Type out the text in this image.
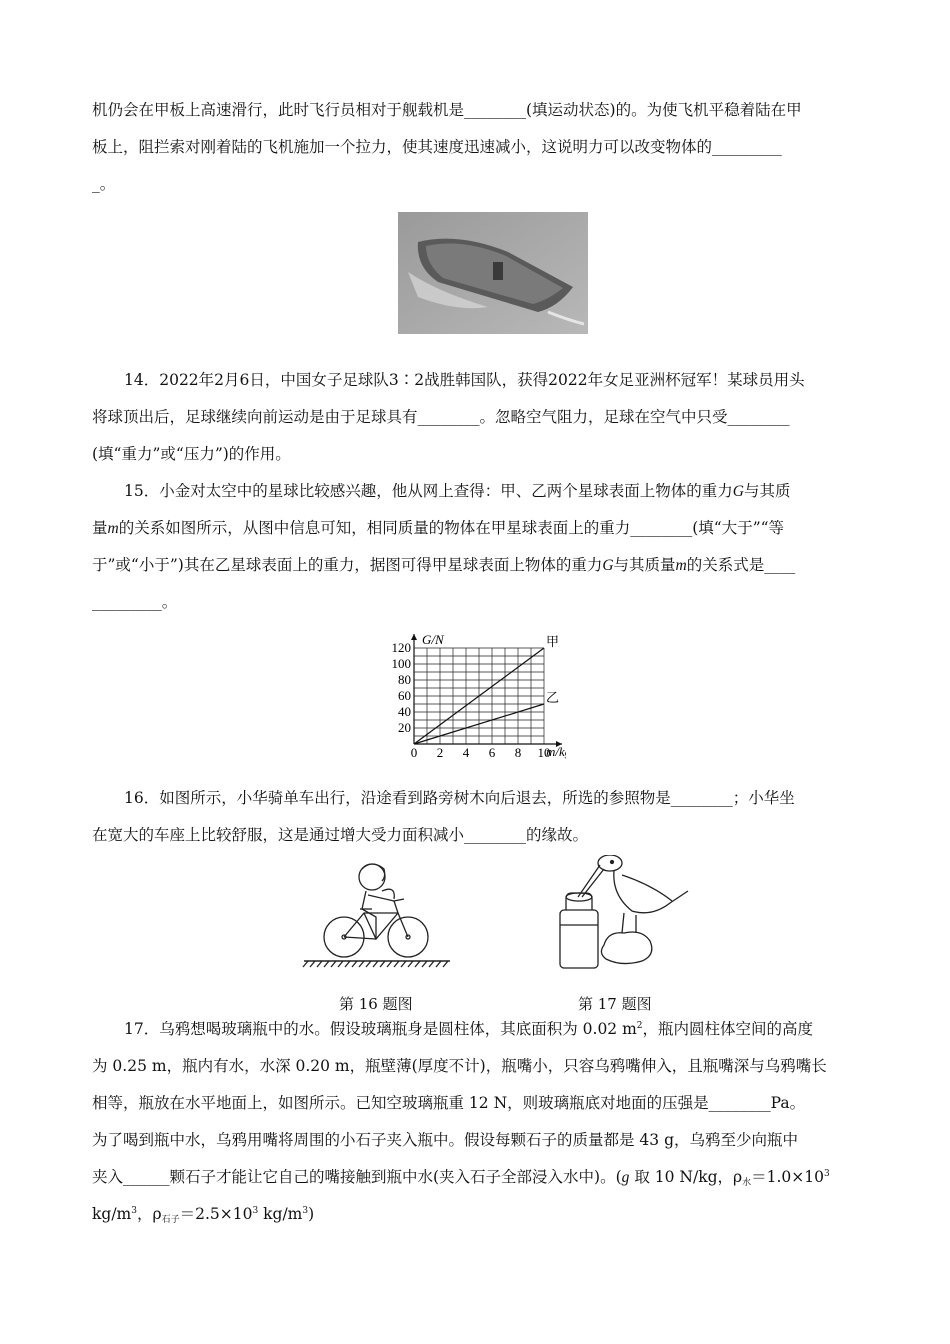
机仍会在甲板上高速滑行，此时飞行员相对于舰载机是________(填运动状态)的。为使飞机平稳着陆在甲
板上，阻拦索对刚着陆的飞机施加一个拉力，使其速度迅速减小，这说明力可以改变物体的_________
_。
14．2022年2月6日，中国女子足球队3∶2战胜韩国队，获得2022年女足亚洲杯冠军！某球员用头
将球顶出后，足球继续向前运动是由于足球具有________。忽略空气阻力，足球在空气中只受________
(填“重力”或“压力”)的作用。
15．小金对太空中的星球比较感兴趣，他从网上查得：甲、乙两个星球表面上物体的重力G与其质
量m的关系如图所示，从图中信息可知，相同质量的物体在甲星球表面上的重力________(填“大于”“等
于”或“小于”)其在乙星球表面上的重力，据图可得甲星球表面上物体的重力G与其质量m的关系式是____
_________。
G/N
m/k
0 2 4 6 8 10
20
40
60
80
100
120	甲
乙
16．如图所示，小华骑单车出行，沿途看到路旁树木向后退去，所选的参照物是________；小华坐
在宽大的车座上比较舒服，这是通过增大受力面积减小________的缘故。
第 16 题图	第 17 题图
17．乌鸦想喝玻璃瓶中的水。假设玻璃瓶身是圆柱体，其底面积为 0.02 $m^2$，瓶内圆柱体空间的高度
为 0.25 m，瓶内有水，水深 0.20 m，瓶壁薄(厚度不计)，瓶嘴小，只容乌鸦嘴伸入，且瓶嘴深与乌鸦嘴长
相等，瓶放在水平地面上，如图所示。已知空玻璃瓶重 12 N，则玻璃瓶底对地面的压强是________Pa。
为了喝到瓶中水，乌鸦用嘴将周围的小石子夹入瓶中。假设每颗石子的质量都是 43 g，乌鸦至少向瓶中
夹入______颗石子才能让它自己的嘴接触到瓶中水(夹入石子全部浸入水中)。(g 取 10 N/kg，$\rho_水=1.0\times 10^3$
$kg/m^3$，$\rho_{石子}=2.5\times 10^3$ $kg/m^3$)
